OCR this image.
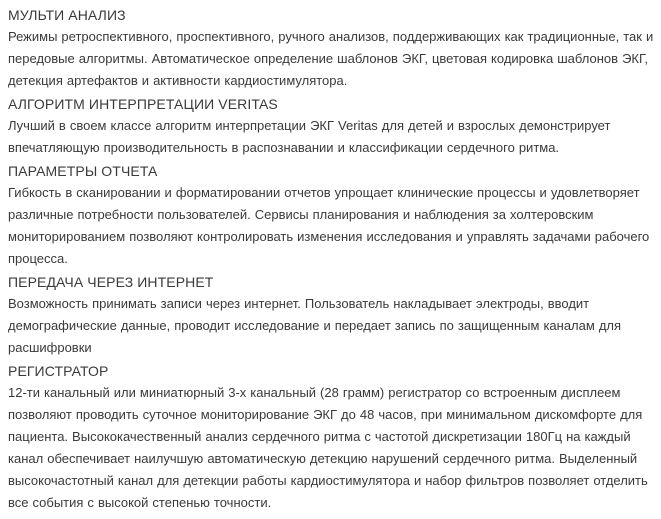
МУЛЬТИ АНАЛИЗ

Режимы ретроспективного, проспективного, ручного анализов, поддерживающих как традиционные, так и передовые алгоритмы. Автоматическое определение шаблонов ЭКГ, цветовая кодировка шаблонов ЭКГ, детекция артефактов и активности кардиостимулятора.

АЛГОРИТМ ИНТЕРПРЕТАЦИИ VERITAS

Лучший в своем классе алгоритм интерпретации ЭКГ Veritas для детей и взрослых демонстрирует впечатляющую производительность в распознавании и классификации сердечного ритма.

ПАРАМЕТРЫ ОТЧЕТА

Гибкость в сканировании и форматировании отчетов упрощает клинические процессы и удовлетворяет различные потребности пользователей. Сервисы планирования и наблюдения за холтеровским мониторированием позволяют контролировать изменения исследования и управлять задачами рабочего процесса.

ПЕРЕДАЧА ЧЕРЕЗ ИНТЕРНЕТ

Возможность принимать записи через интернет. Пользователь накладывает электроды, вводит демографические данные, проводит исследование и передает запись по защищенным каналам для расшифровки

РЕГИСТРАТОР

12-ти канальный или миниатюрный 3-х канальный (28 грамм) регистратор со встроенным дисплеем позволяют проводить суточное мониторирование ЭКГ до 48 часов, при минимальном дискомфорте для пациента. Высококачественный анализ сердечного ритма с частотой дискретизации 180Гц на каждый канал обеспечивает наилучшую автоматическую детекцию нарушений сердечного ритма. Выделенный высокочастотный канал для детекции работы кардиостимулятора и набор фильтров позволяет отделить все события с высокой степенью точности.
